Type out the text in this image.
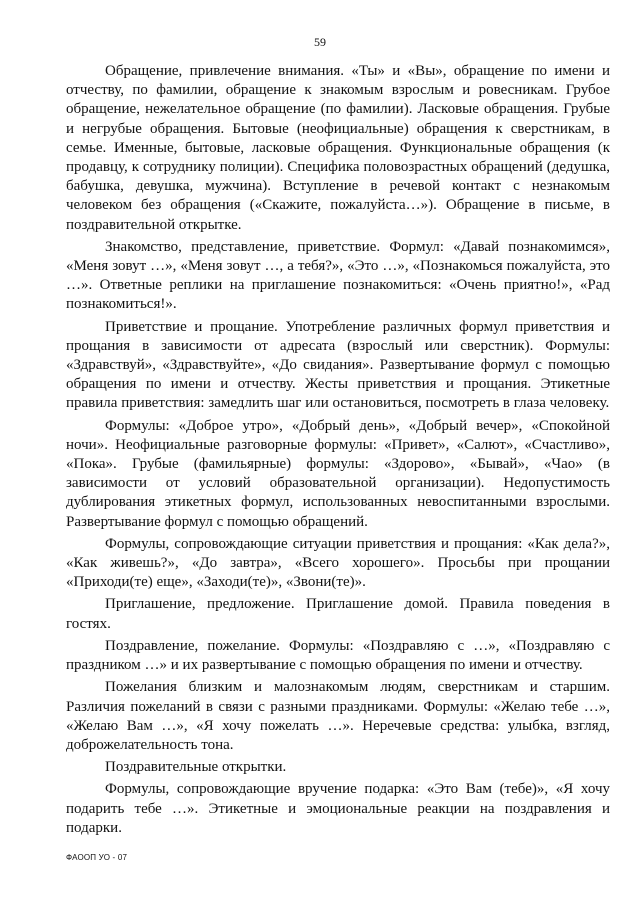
59

Обращение, привлечение внимания. «Ты» и «Вы», обращение по имени и отчеству, по фамилии, обращение к знакомым взрослым и ровесникам. Грубое обращение, нежелательное обращение (по фамилии). Ласковые обращения. Грубые и негрубые обращения. Бытовые (неофициальные) обращения к сверстникам, в семье. Именные, бытовые, ласковые обращения. Функциональные обращения (к продавцу, к сотруднику полиции). Специфика половозрастных обращений (дедушка, бабушка, девушка, мужчина). Вступление в речевой контакт с незнакомым человеком без обращения («Скажите, пожалуйста…»). Обращение в письме, в поздравительной открытке.

Знакомство, представление, приветствие. Формул: «Давай познакомимся», «Меня зовут …», «Меня зовут …, а тебя?», «Это …», «Познакомься пожалуйста, это …». Ответные реплики на приглашение познакомиться: «Очень приятно!», «Рад познакомиться!».

Приветствие и прощание. Употребление различных формул приветствия и прощания в зависимости от адресата (взрослый или сверстник). Формулы: «Здравствуй», «Здравствуйте», «До свидания». Развертывание формул с помощью обращения по имени и отчеству. Жесты приветствия и прощания. Этикетные правила приветствия: замедлить шаг или остановиться, посмотреть в глаза человеку.

Формулы: «Доброе утро», «Добрый день», «Добрый вечер», «Спокойной ночи». Неофициальные разговорные формулы: «Привет», «Салют», «Счастливо», «Пока». Грубые (фамильярные) формулы: «Здорово», «Бывай», «Чао» (в зависимости от условий образовательной организации). Недопустимость дублирования этикетных формул, использованных невоспитанными взрослыми. Развертывание формул с помощью обращений.

Формулы, сопровождающие ситуации приветствия и прощания: «Как дела?», «Как живешь?», «До завтра», «Всего хорошего». Просьбы при прощании «Приходи(те) еще», «Заходи(те)», «Звони(те)».

Приглашение, предложение. Приглашение домой. Правила поведения в гостях.

Поздравление, пожелание. Формулы: «Поздравляю с …», «Поздравляю с праздником …» и их развертывание с помощью обращения по имени и отчеству.

Пожелания близким и малознакомым людям, сверстникам и старшим. Различия пожеланий в связи с разными праздниками. Формулы: «Желаю тебе …», «Желаю Вам …», «Я хочу пожелать …». Неречевые средства: улыбка, взгляд, доброжелательность тона.

Поздравительные открытки.

Формулы, сопровождающие вручение подарка: «Это Вам (тебе)», «Я хочу подарить тебе …». Этикетные и эмоциональные реакции на поздравления и подарки.

ФАООП УО - 07
